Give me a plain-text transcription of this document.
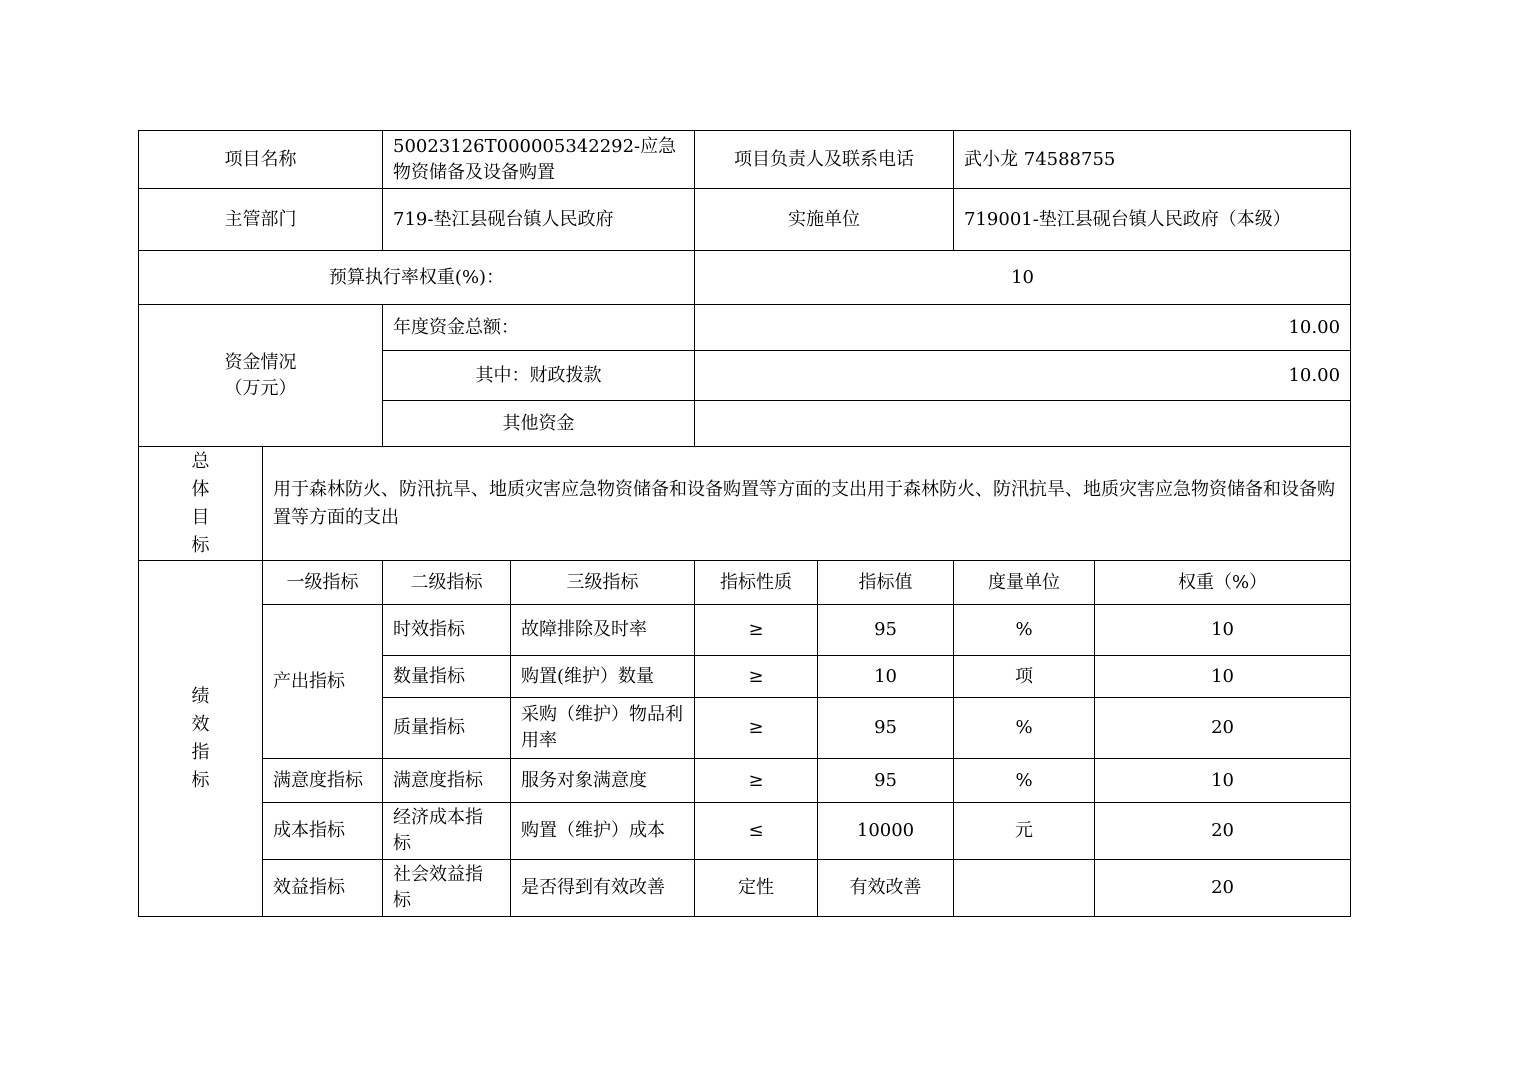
项目名称		50023126T000005342292-应急物资储备及设备购置		项目负责人及联系电话		武小龙 74588755	
主管部门		719-垫江县砚台镇人民政府		实施单位		719001-垫江县砚台镇人民政府（本级）	
预算执行率权重(%)：				10			

资金情况
（万元）		年度资金总额：		10.00			
		其中：财政拨款		10.00			
		其他资金					

总
体
目
标	用于森林防火、防汛抗旱、地质灾害应急物资储备和设备购置等方面的支出用于森林防火、防汛抗旱、地质灾害应急物资储备和设备购置等方面的支出						

绩
效
指
标	一级指标	二级指标	三级指标	指标性质	指标值	度量单位	权重（%）
	产出指标	时效指标	故障排除及时率	≥	95	%	10
		数量指标	购置(维护）数量	≥	10	项	10
		质量指标	采购（维护）物品利用率	≥	95	%	20
	满意度指标	满意度指标	服务对象满意度	≥	95	%	10
	成本指标	经济成本指标	购置（维护）成本	≤	10000	元	20
	效益指标	社会效益指标	是否得到有效改善	定性	有效改善		20
